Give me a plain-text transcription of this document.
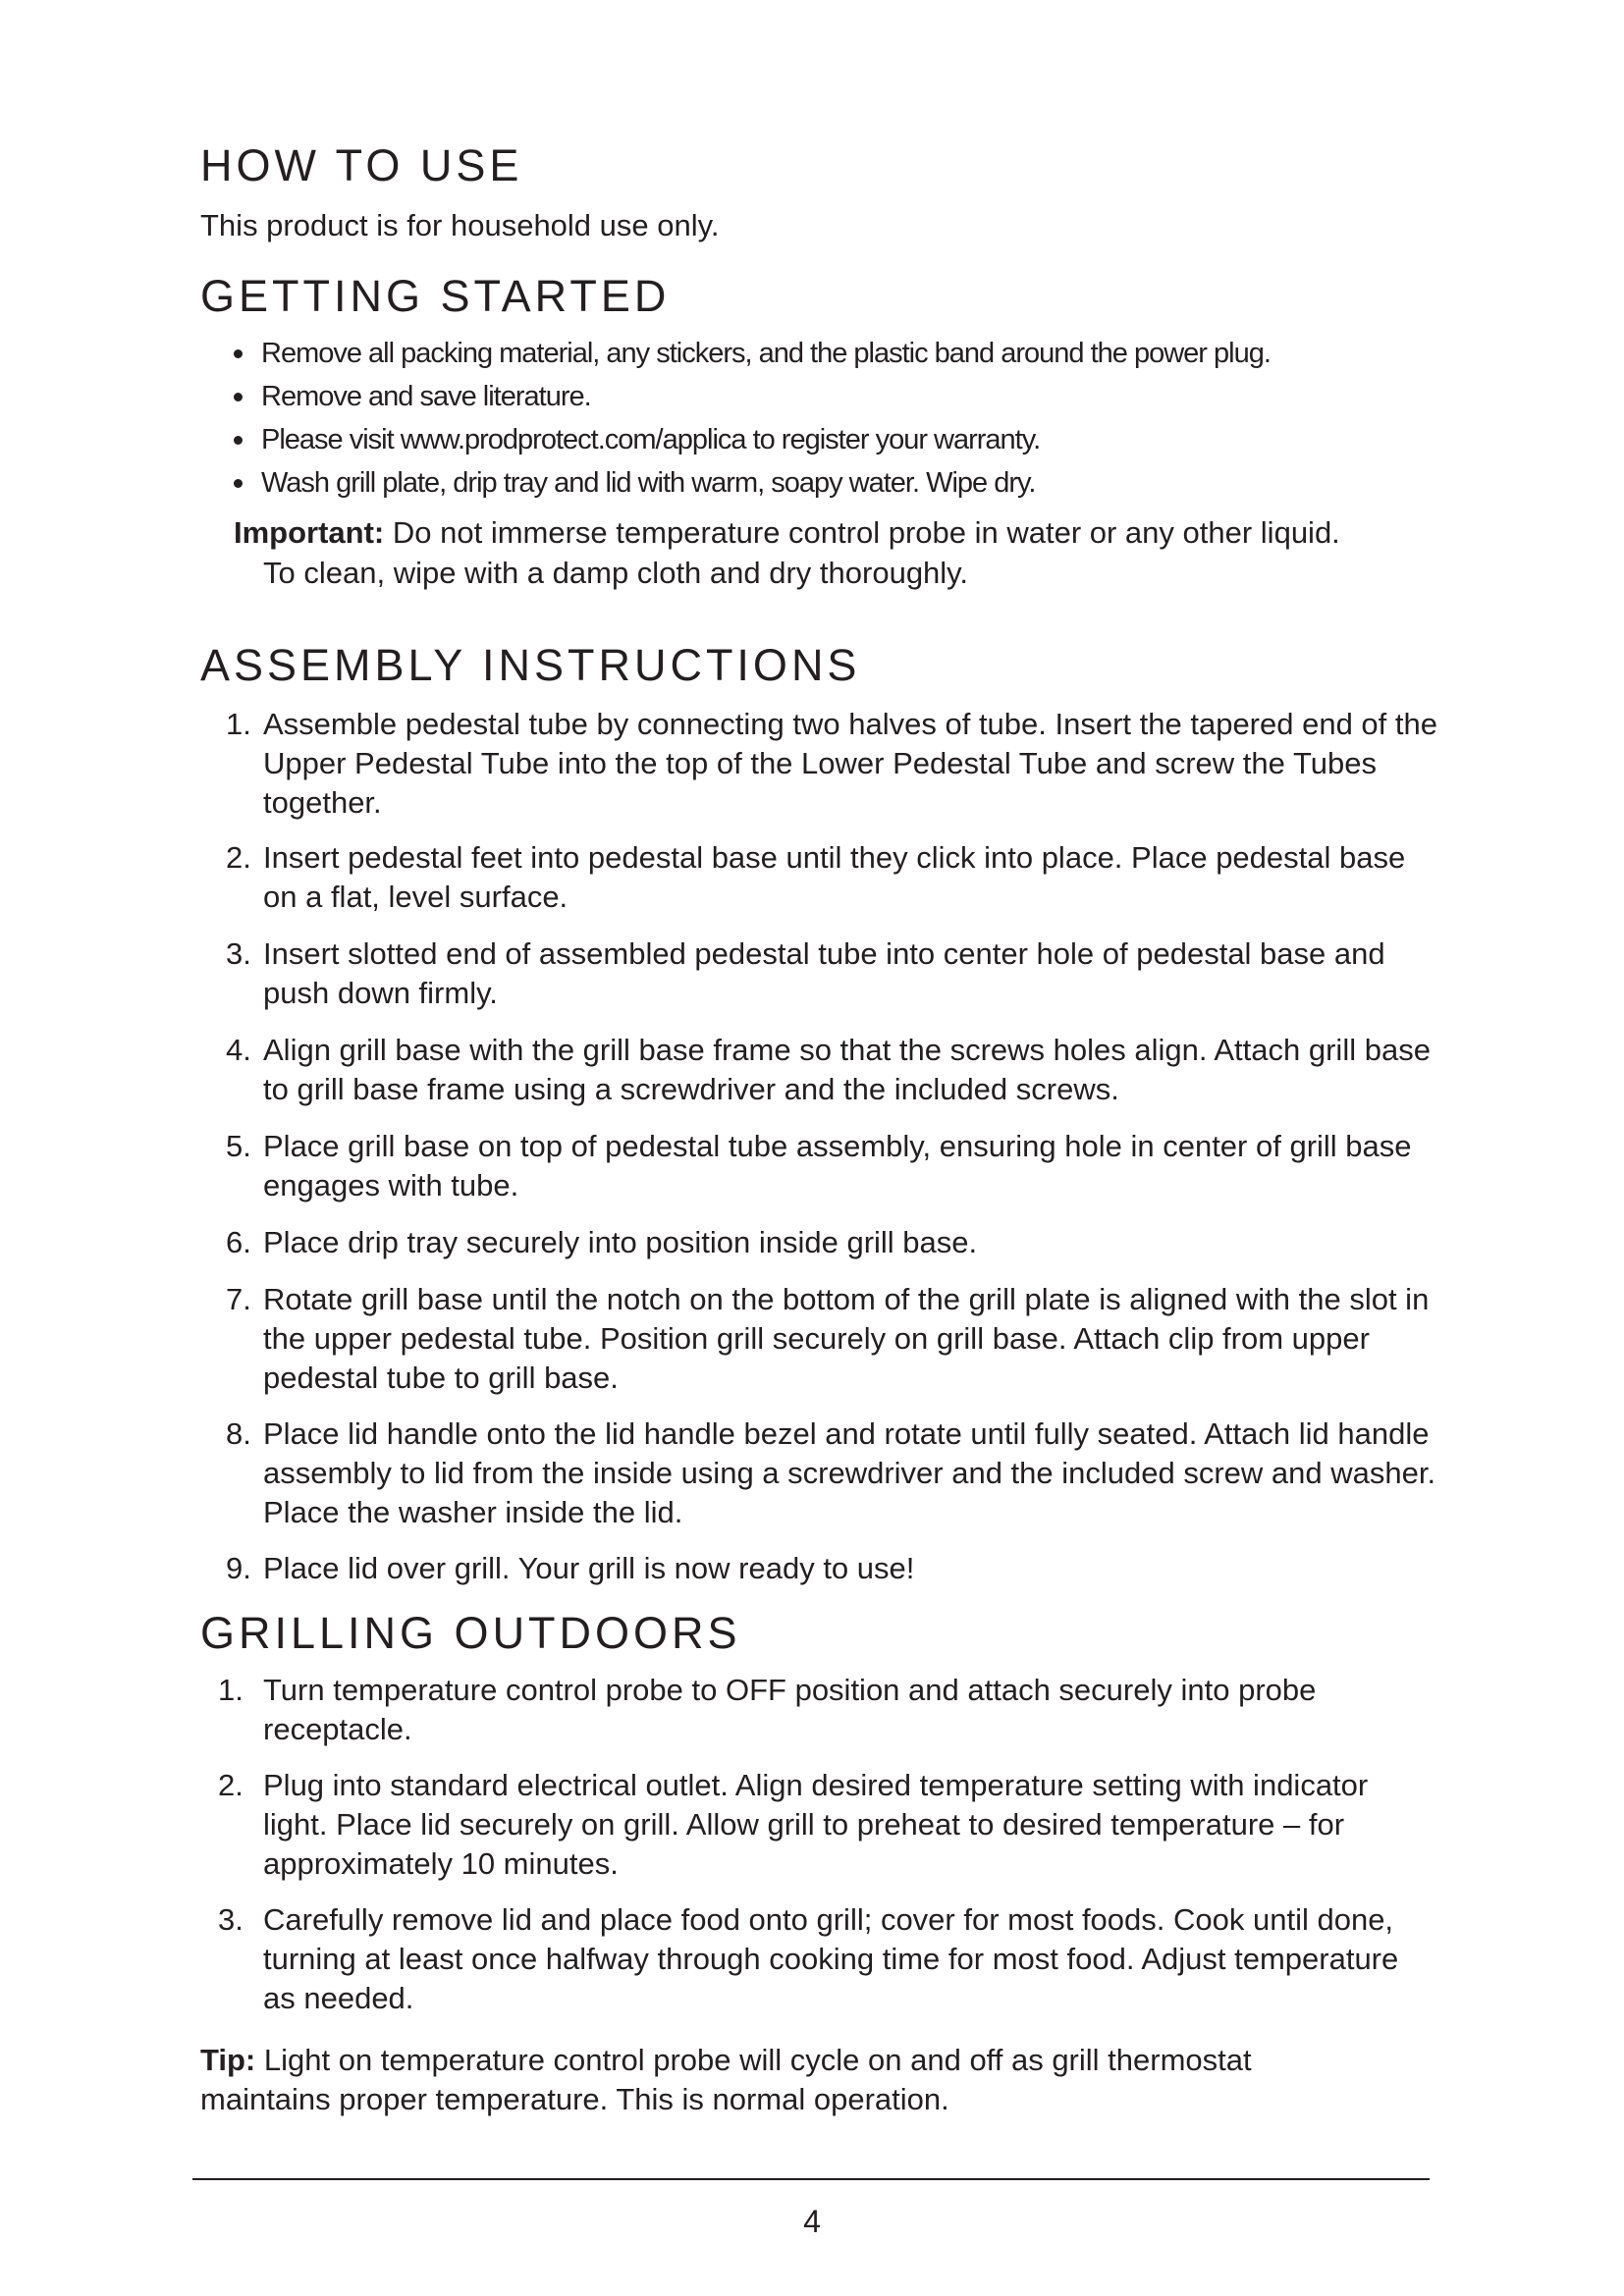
HOW TO USE

This product is for household use only.

GETTING STARTED
Remove all packing material, any stickers, and the plastic band around the power plug.
Remove and save literature.
Please visit www.prodprotect.com/applica to register your warranty.
Wash grill plate, drip tray and lid with warm, soapy water. Wipe dry.

Important: Do not immerse temperature control probe in water or any other liquid.

To clean, wipe with a damp cloth and dry thoroughly.

ASSEMBLY INSTRUCTIONS
1. Assemble pedestal tube by connecting two halves of tube. Insert the tapered end of the Upper Pedestal Tube into the top of the Lower Pedestal Tube and screw the Tubes together.
2. Insert pedestal feet into pedestal base until they click into place. Place pedestal base on a flat, level surface.
3. Insert slotted end of assembled pedestal tube into center hole of pedestal base and push down firmly.
4. Align grill base with the grill base frame so that the screws holes align. Attach grill base to grill base frame using a screwdriver and the included screws.
5. Place grill base on top of pedestal tube assembly, ensuring hole in center of grill base engages with tube.
6. Place drip tray securely into position inside grill base.
7. Rotate grill base until the notch on the bottom of the grill plate is aligned with the slot in the upper pedestal tube. Position grill securely on grill base. Attach clip from upper pedestal tube to grill base.
8. Place lid handle onto the lid handle bezel and rotate until fully seated. Attach lid handle assembly to lid from the inside using a screwdriver and the included screw and washer. Place the washer inside the lid.
9. Place lid over grill. Your grill is now ready to use!
GRILLING OUTDOORS
1. Turn temperature control probe to OFF position and attach securely into probe receptacle.
2. Plug into standard electrical outlet. Align desired temperature setting with indicator light. Place lid securely on grill. Allow grill to preheat to desired temperature – for approximately 10 minutes.
3. Carefully remove lid and place food onto grill; cover for most foods. Cook until done, turning at least once halfway through cooking time for most food. Adjust temperature as needed.

Tip: Light on temperature control probe will cycle on and off as grill thermostat maintains proper temperature. This is normal operation.

4
